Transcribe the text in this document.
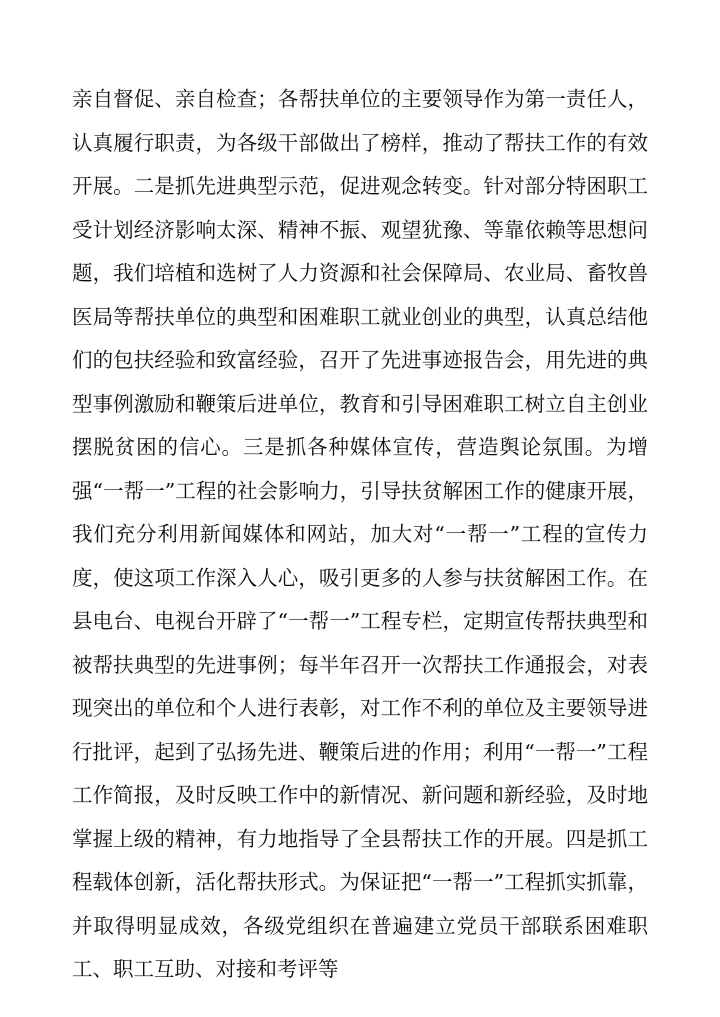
亲自督促、亲自检查；各帮扶单位的主要领导作为第一责任人，认真履行职责，为各级干部做出了榜样，推动了帮扶工作的有效开展。二是抓先进典型示范，促进观念转变。针对部分特困职工受计划经济影响太深、精神不振、观望犹豫、等靠依赖等思想问题，我们培植和选树了人力资源和社会保障局、农业局、畜牧兽医局等帮扶单位的典型和困难职工就业创业的典型，认真总结他们的包扶经验和致富经验，召开了先进事迹报告会，用先进的典型事例激励和鞭策后进单位，教育和引导困难职工树立自主创业摆脱贫困的信心。三是抓各种媒体宣传，营造舆论氛围。为增强“一帮一”工程的社会影响力，引导扶贫解困工作的健康开展，我们充分利用新闻媒体和网站，加大对“一帮一”工程的宣传力度，使这项工作深入人心，吸引更多的人参与扶贫解困工作。在县电台、电视台开辟了“一帮一”工程专栏，定期宣传帮扶典型和被帮扶典型的先进事例；每半年召开一次帮扶工作通报会，对表现突出的单位和个人进行表彰，对工作不利的单位及主要领导进行批评，起到了弘扬先进、鞭策后进的作用；利用“一帮一”工程工作简报，及时反映工作中的新情况、新问题和新经验，及时地掌握上级的精神，有力地指导了全县帮扶工作的开展。四是抓工程载体创新，活化帮扶形式。为保证把“一帮一”工程抓实抓靠，并取得明显成效，各级党组织在普遍建立党员干部联系困难职工、职工互助、对接和考评等
